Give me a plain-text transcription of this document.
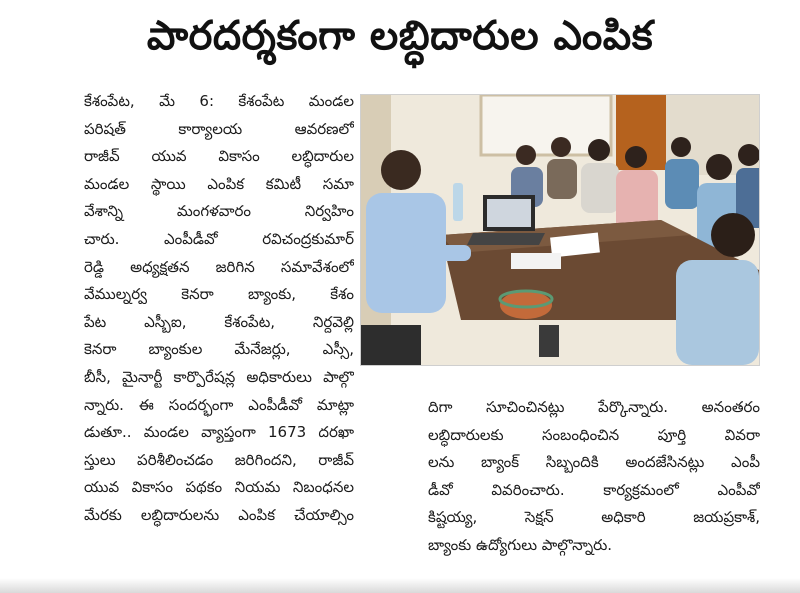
పారదర్శకంగా లబ్ధిదారుల ఎంపిక
కేశంపేట, మే 6: కేశంపేట మండల
పరిషత్ కార్యాలయ ఆవరణలో
రాజీవ్ యువ వికాసం లబ్ధిదారుల
మండల స్థాయి ఎంపిక కమిటీ సమా
వేశాన్ని మంగళవారం నిర్వహిం
చారు. ఎంపీడీవో రవిచంద్రకుమార్
రెడ్డి అధ్యక్షతన జరిగిన సమావేశంలో
వేముల్నర్వ కెనరా బ్యాంకు, కేశం
పేట ఎస్బీఐ, కేశంపేట, నిర్దవెల్లి
కెనరా బ్యాంకుల మేనేజర్లు, ఎస్సీ,
బీసీ, మైనార్టీ కార్పొరేషన్ల అధికారులు పాల్గొ
న్నారు. ఈ సందర్భంగా ఎంపీడీవో మాట్లా
డుతూ.. మండల వ్యాప్తంగా 1673 దరఖా
స్తులు పరిశీలించడం జరిగిందని, రాజీవ్
యువ వికాసం పథకం నియమ నిబంధనల
మేరకు లబ్ధిదారులను ఎంపిక చేయాల్సిం
దిగా సూచించినట్లు పేర్కొన్నారు. అనంతరం
లబ్ధిదారులకు సంబంధించిన పూర్తి వివరా
లను బ్యాంక్ సిబ్బందికి అందజేసినట్లు ఎంపీ
డీవో వివరించారు. కార్యక్రమంలో ఎంపీవో
కిష్టయ్య, సెక్షన్ అధికారి జయప్రకాశ్,
బ్యాంకు ఉద్యోగులు పాల్గొన్నారు.
